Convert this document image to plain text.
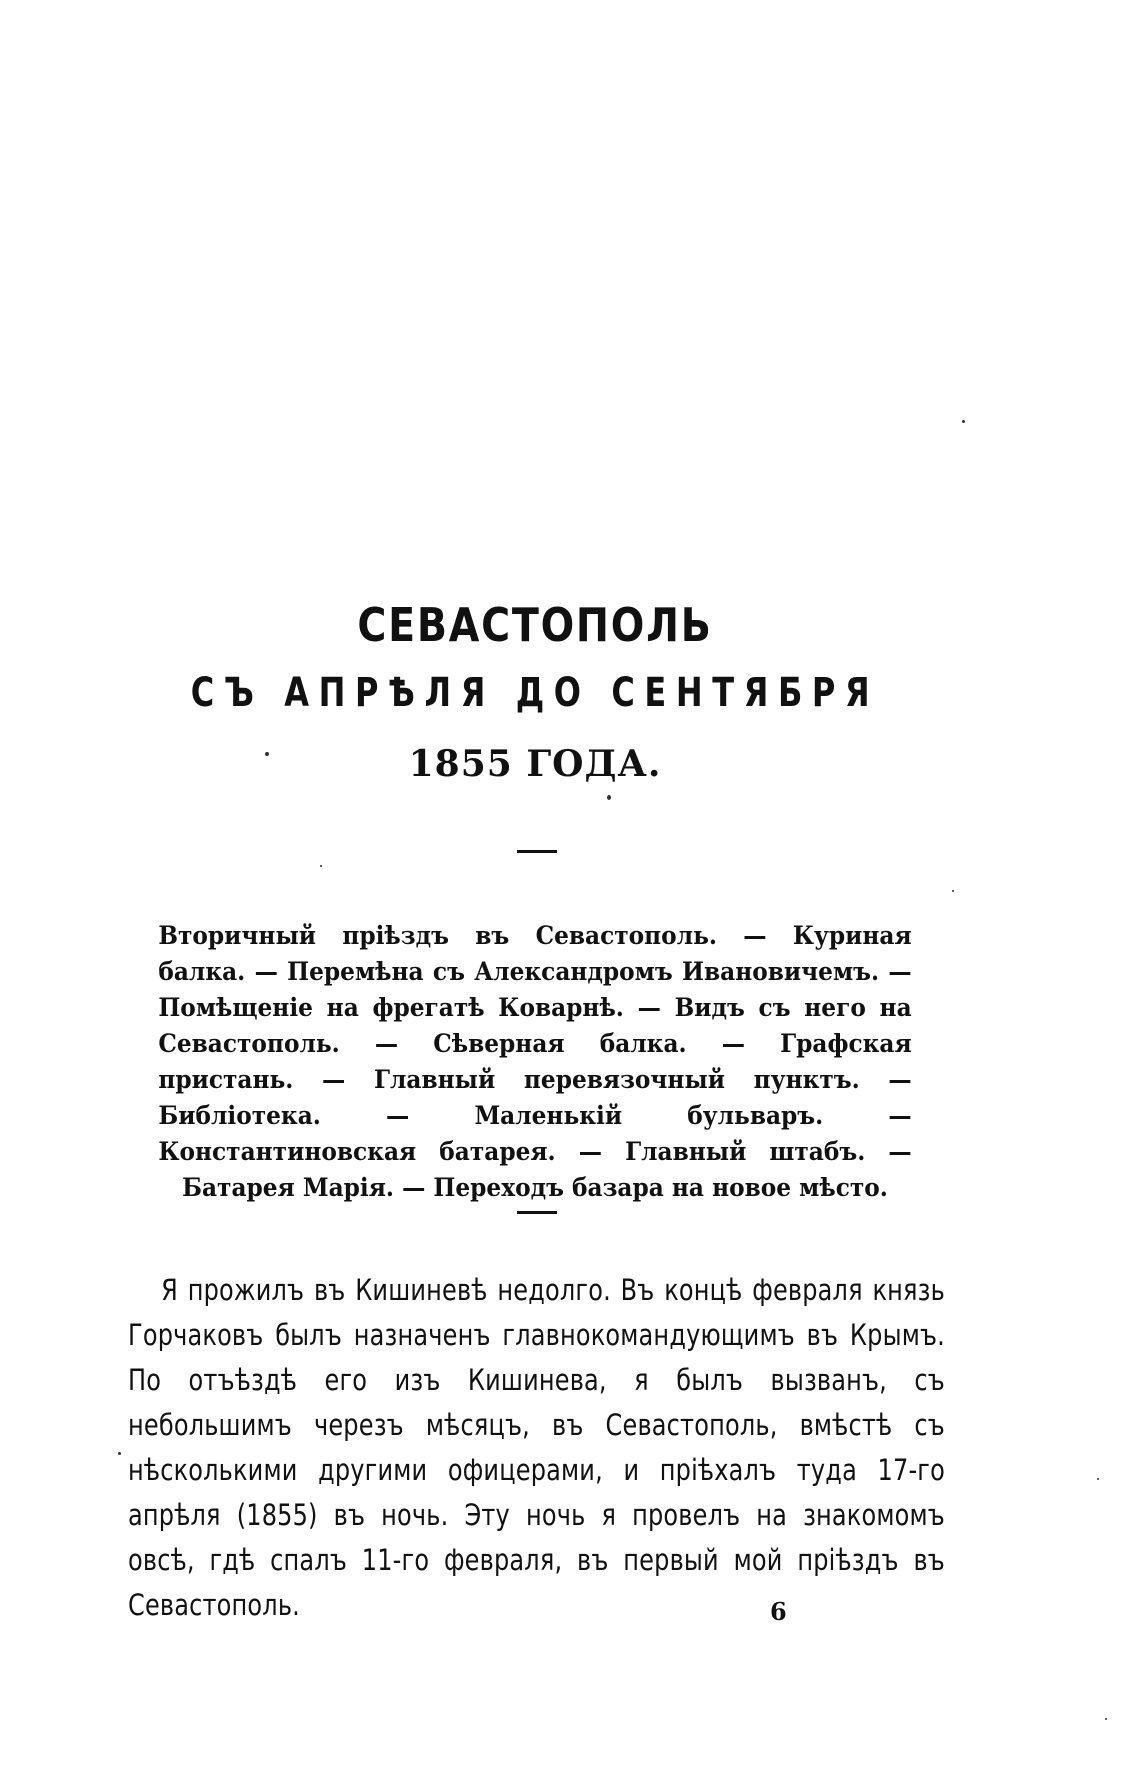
СЕВАСТОПОЛЬ
СЪ АПРѢЛЯ ДО СЕНТЯБРЯ
1855 ГОДА.
Вторичный пріѣздъ въ Севастополь. — Куриная балка. — Перемѣна съ Александромъ Ивановичемъ. — Помѣщеніе на фрегатѣ Коварнѣ. — Видъ съ него на Севастополь. — Сѣверная балка. — Графская пристань. — Главный перевязочный пунктъ. — Библіотека. — Маленькій бульваръ. — Константиновская батарея. — Главный штабъ. — Батарея Марія. — Переходъ базара на новое мѣсто.
Я прожилъ въ Кишиневѣ недолго. Въ концѣ февраля князь Горчаковъ былъ назначенъ главнокомандующимъ въ Крымъ. По отъѣздѣ его изъ Кишинева, я былъ вызванъ, съ небольшимъ черезъ мѣсяцъ, въ Севастополь, вмѣстѣ съ нѣсколькими другими офицерами, и пріѣхалъ туда 17-го апрѣля (1855) въ ночь. Эту ночь я провелъ на знакомомъ овсѣ, гдѣ спалъ 11-го февраля, въ первый мой пріѣздъ въ Севастополь.	6
